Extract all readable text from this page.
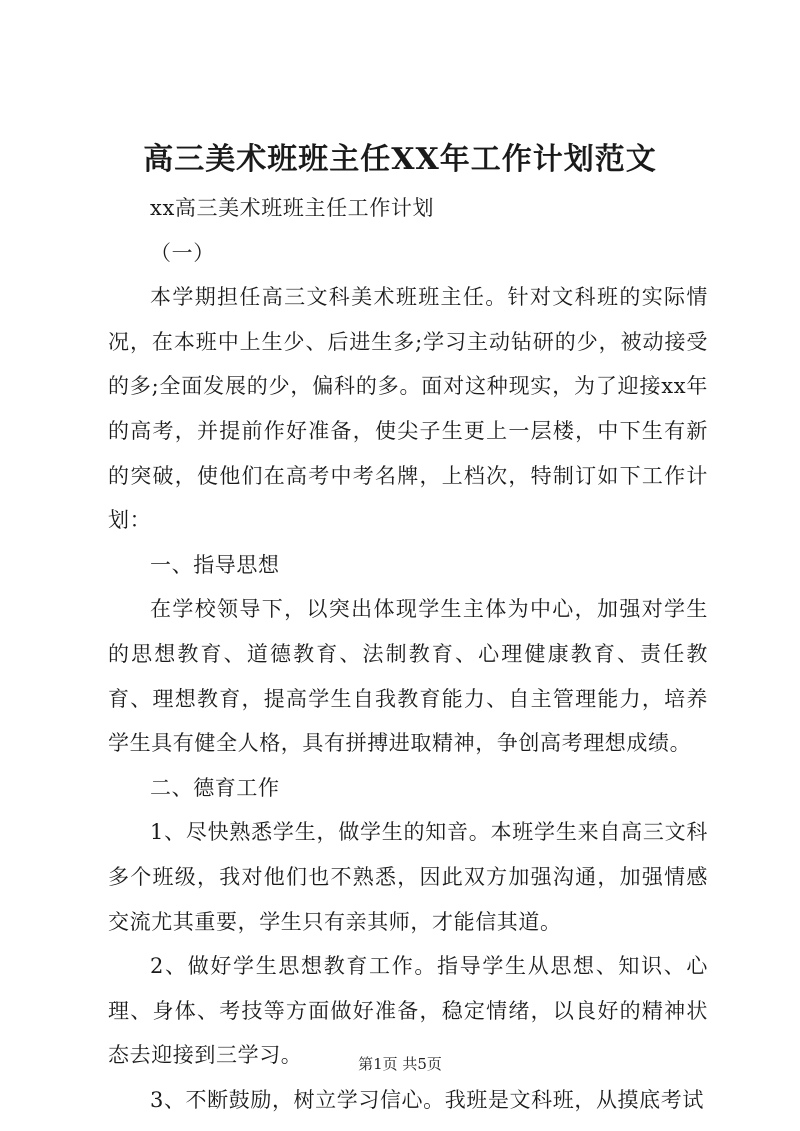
高三美术班班主任XX年工作计划范文

xx高三美术班班主任工作计划

（一）

本学期担任高三文科美术班班主任。针对文科班的实际情况，在本班中上生少、后进生多;学习主动钻研的少，被动接受的多;全面发展的少，偏科的多。面对这种现实，为了迎接xx年的高考，并提前作好准备，使尖子生更上一层楼，中下生有新的突破，使他们在高考中考名牌，上档次，特制订如下工作计划：

一、指导思想

在学校领导下，以突出体现学生主体为中心，加强对学生的思想教育、道德教育、法制教育、心理健康教育、责任教育、理想教育，提高学生自我教育能力、自主管理能力，培养学生具有健全人格，具有拼搏进取精神，争创高考理想成绩。

二、德育工作

1、尽快熟悉学生，做学生的知音。本班学生来自高三文科多个班级，我对他们也不熟悉，因此双方加强沟通，加强情感交流尤其重要，学生只有亲其师，才能信其道。

2、做好学生思想教育工作。指导学生从思想、知识、心理、身体、考技等方面做好准备，稳定情绪，以良好的精神状态去迎接到三学习。

3、不断鼓励，树立学习信心。我班是文科班，从摸底考试

第1页 共5页
